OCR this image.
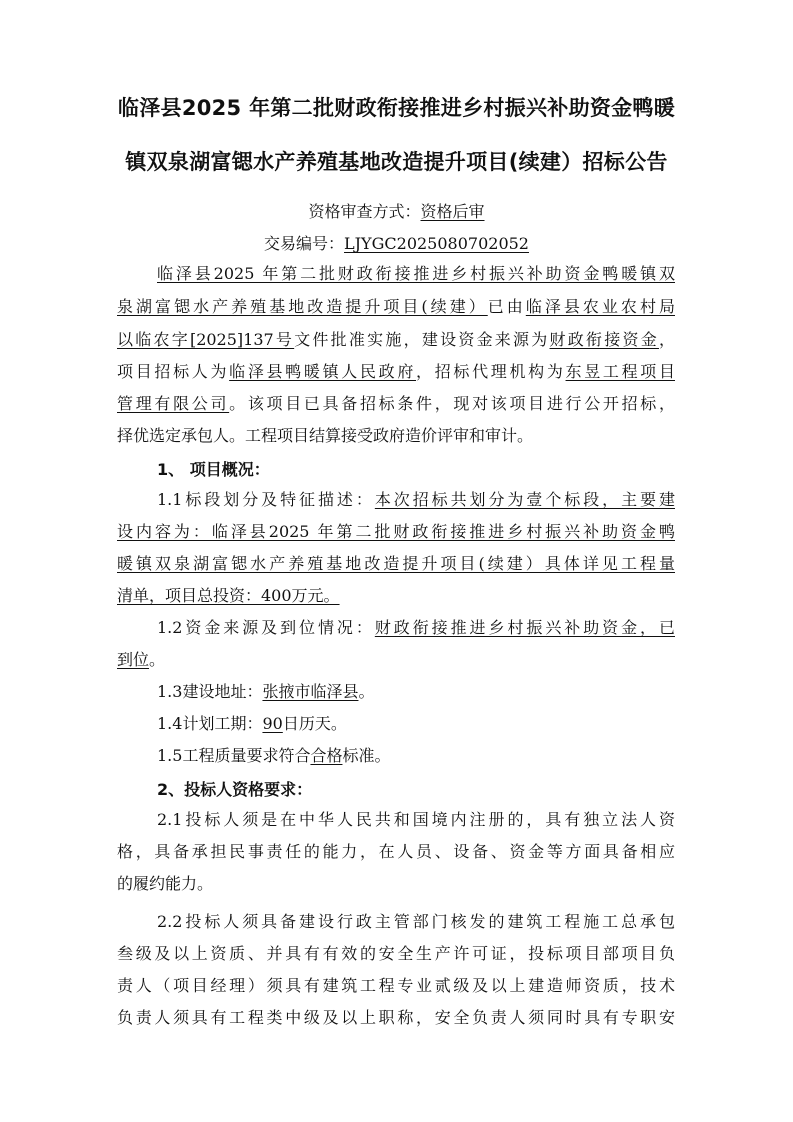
临泽县2025 年第二批财政衔接推进乡村振兴补助资金鸭暖
镇双泉湖富锶水产养殖基地改造提升项目(续建）招标公告
资格审查方式：资格后审
交易编号：LJYGC2025080702052
临泽县2025 年第二批财政衔接推进乡村振兴补助资金鸭暖镇双
泉湖富锶水产养殖基地改造提升项目(续建）已由临泽县农业农村局
以临农字[2025]137号文件批准实施，建设资金来源为财政衔接资金，
项目招标人为临泽县鸭暖镇人民政府，招标代理机构为东昱工程项目
管理有限公司。该项目已具备招标条件，现对该项目进行公开招标，
择优选定承包人。工程项目结算接受政府造价评审和审计。
1、 项目概况：
1.1标段划分及特征描述：本次招标共划分为壹个标段，主要建
设内容为：临泽县2025 年第二批财政衔接推进乡村振兴补助资金鸭
暖镇双泉湖富锶水产养殖基地改造提升项目(续建）具体详见工程量
清单，项目总投资：400万元。
1.2资金来源及到位情况：财政衔接推进乡村振兴补助资金，已
到位。
1.3建设地址：张掖市临泽县。
1.4计划工期：90日历天。
1.5工程质量要求符合合格标准。
2、投标人资格要求：
2.1投标人须是在中华人民共和国境内注册的，具有独立法人资
格，具备承担民事责任的能力，在人员、设备、资金等方面具备相应
的履约能力。
2.2投标人须具备建设行政主管部门核发的建筑工程施工总承包
叁级及以上资质、并具有有效的安全生产许可证，投标项目部项目负
责人（项目经理）须具有建筑工程专业贰级及以上建造师资质，技术
负责人须具有工程类中级及以上职称，安全负责人须同时具有专职安
